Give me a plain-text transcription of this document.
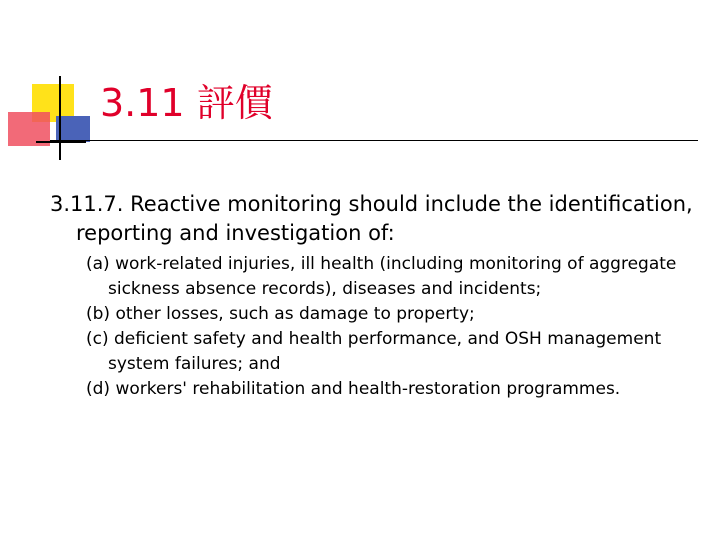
3.11 評價
3.11.7. Reactive monitoring should include the identification, reporting and investigation of:
(a) work-related injuries, ill health (including monitoring of aggregate sickness absence records), diseases and incidents;
(b) other losses, such as damage to property;
(c) deficient safety and health performance, and OSH management system failures; and
(d) workers' rehabilitation and health-restoration programmes.
